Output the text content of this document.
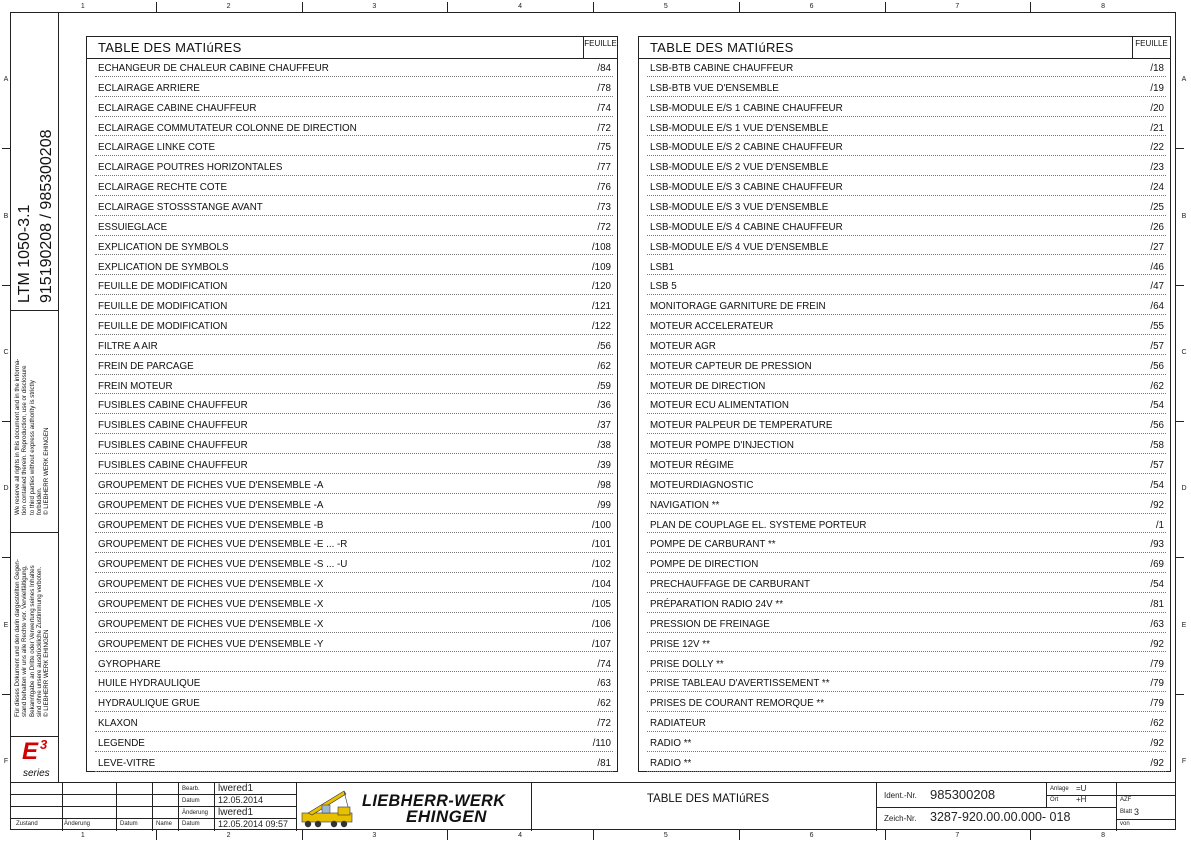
1	2	3	4	5	6	7	8
1	2	3	4	5	6	7	8
A
B
C
D
E
F
A
B
C
D
E
F
LTM 1050-3.1 915190208 / 985300208
We reserve all rights in this document and in the informa- tion contained therein. Reproduction, use or disclosure to third parties without express authority is strictly forbidden. © LIEBHERR WERK EHINGEN
Für dieses Dokument und den darin dargestellten Gegen- stand behalten wir uns alle Rechte vor. Vervielfältigung, Bekanntgabe an Dritte oder Verwertung seines Inhaltes sind ohne unsere ausdrückliche Zustimmung verboten. © LIEBHERR WERK EHINGEN
E 3
series
TABLE DES MATIúRES	FEUILLE
ECHANGEUR DE CHALEUR CABINE CHAUFFEUR	/84
ECLAIRAGE ARRIERE	/78
ECLAIRAGE CABINE CHAUFFEUR	/74
ECLAIRAGE COMMUTATEUR COLONNE DE DIRECTION	/72
ECLAIRAGE LINKE COTE	/75
ECLAIRAGE POUTRES HORIZONTALES	/77
ECLAIRAGE RECHTE COTE	/76
ECLAIRAGE STOSSSTANGE AVANT	/73
ESSUIEGLACE	/72
EXPLICATION DE SYMBOLS	/108
EXPLICATION DE SYMBOLS	/109
FEUILLE DE MODIFICATION	/120
FEUILLE DE MODIFICATION	/121
FEUILLE DE MODIFICATION	/122
FILTRE A AIR	/56
FREIN DE PARCAGE	/62
FREIN MOTEUR	/59
FUSIBLES CABINE CHAUFFEUR	/36
FUSIBLES CABINE CHAUFFEUR	/37
FUSIBLES CABINE CHAUFFEUR	/38
FUSIBLES CABINE CHAUFFEUR	/39
GROUPEMENT DE FICHES VUE D'ENSEMBLE -A	/98
GROUPEMENT DE FICHES VUE D'ENSEMBLE -A	/99
GROUPEMENT DE FICHES VUE D'ENSEMBLE -B	/100
GROUPEMENT DE FICHES VUE D'ENSEMBLE -E ... -R	/101
GROUPEMENT DE FICHES VUE D'ENSEMBLE -S ... -U	/102
GROUPEMENT DE FICHES VUE D'ENSEMBLE -X	/104
GROUPEMENT DE FICHES VUE D'ENSEMBLE -X	/105
GROUPEMENT DE FICHES VUE D'ENSEMBLE -X	/106
GROUPEMENT DE FICHES VUE D'ENSEMBLE -Y	/107
GYROPHARE	/74
HUILE HYDRAULIQUE	/63
HYDRAULIQUE GRUE	/62
KLAXON	/72
LEGENDE	/110
LEVE-VITRE	/81
TABLE DES MATIúRES	FEUILLE
LSB-BTB CABINE CHAUFFEUR	/18
LSB-BTB VUE D'ENSEMBLE	/19
LSB-MODULE E/S 1 CABINE CHAUFFEUR	/20
LSB-MODULE E/S 1 VUE D'ENSEMBLE	/21
LSB-MODULE E/S 2 CABINE CHAUFFEUR	/22
LSB-MODULE E/S 2 VUE D'ENSEMBLE	/23
LSB-MODULE E/S 3 CABINE CHAUFFEUR	/24
LSB-MODULE E/S 3 VUE D'ENSEMBLE	/25
LSB-MODULE E/S 4 CABINE CHAUFFEUR	/26
LSB-MODULE E/S 4 VUE D'ENSEMBLE	/27
LSB1	/46
LSB 5	/47
MONITORAGE GARNITURE DE FREIN	/64
MOTEUR ACCELERATEUR	/55
MOTEUR AGR	/57
MOTEUR CAPTEUR DE PRESSION	/56
MOTEUR DE DIRECTION	/62
MOTEUR ECU ALIMENTATION	/54
MOTEUR PALPEUR DE TEMPERATURE	/56
MOTEUR POMPE D'INJECTION	/58
MOTEUR RÉGIME	/57
MOTEURDIAGNOSTIC	/54
NAVIGATION **	/92
PLAN DE COUPLAGE EL. SYSTEME PORTEUR	/1
POMPE DE CARBURANT **	/93
POMPE DE DIRECTION	/69
PRECHAUFFAGE DE CARBURANT	/54
PRÉPARATION RADIO 24V **	/81
PRESSION DE FREINAGE	/63
PRISE 12V **	/92
PRISE DOLLY **	/79
PRISE TABLEAU D'AVERTISSEMENT **	/79
PRISES DE COURANT REMORQUE **	/79
RADIATEUR	/62
RADIO **	/92
RADIO **	/92
Zustand	Änderung	Datum	Name
Bearb. lwered1
Datum 12.05.2014
Änderung lwered1
Datum 12.05.2014 09:57
LIEBHERR-WERK
EHINGEN
TABLE DES MATIúRES	Ident.-Nr. 985300208
Zeich-Nr. 3287-920.00.00.000- 018
Anlage =U
Ort +H	AZF
Blatt 3
von
